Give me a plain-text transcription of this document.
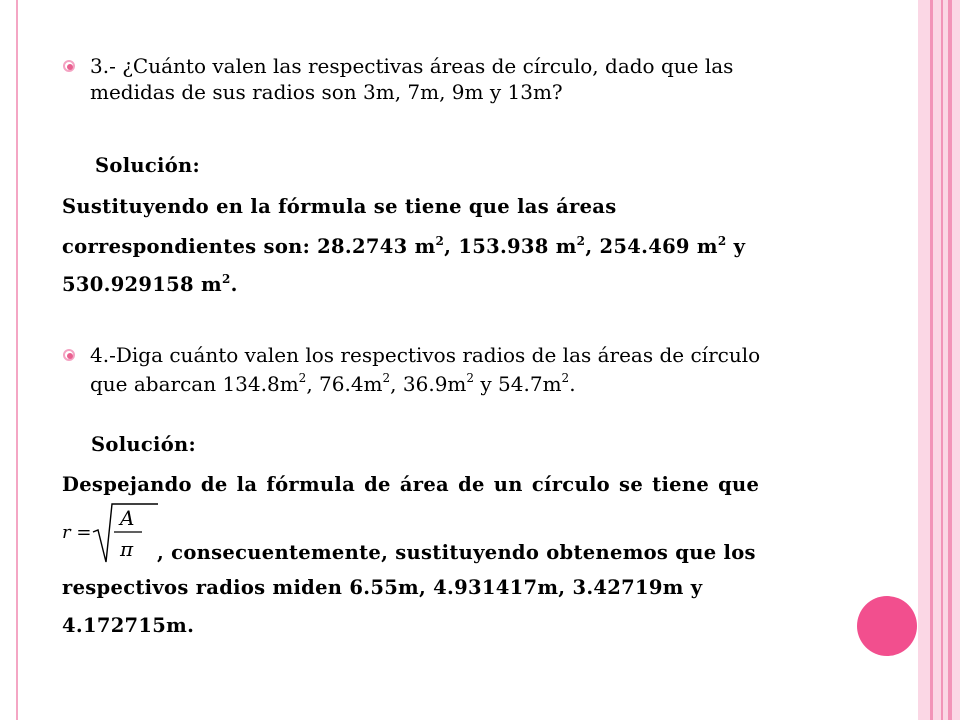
3.- ¿Cuánto valen las respectivas áreas de círculo, dado que las
medidas de sus radios son 3m, 7m, 9m y 13m?
Solución:
Sustituyendo en la fórmula se tiene que las áreas
correspondientes son: 28.2743 $m^2$, 153.938 $m^2$, 254.469 $m^2$ y
530.929158 $m^2$.
4.-Diga cuánto valen los respectivos radios de las áreas de círculo
que abarcan $134.8m^2$, $76.4m^2$, $36.9m^2$ y $54.7m^2$.
Solución:
Despejando de la fórmula de área de un círculo se tiene que
r =
A
π , consecuentemente, sustituyendo obtenemos que los
respectivos radios miden 6.55m, 4.931417m, 3.42719m y
4.172715m.
